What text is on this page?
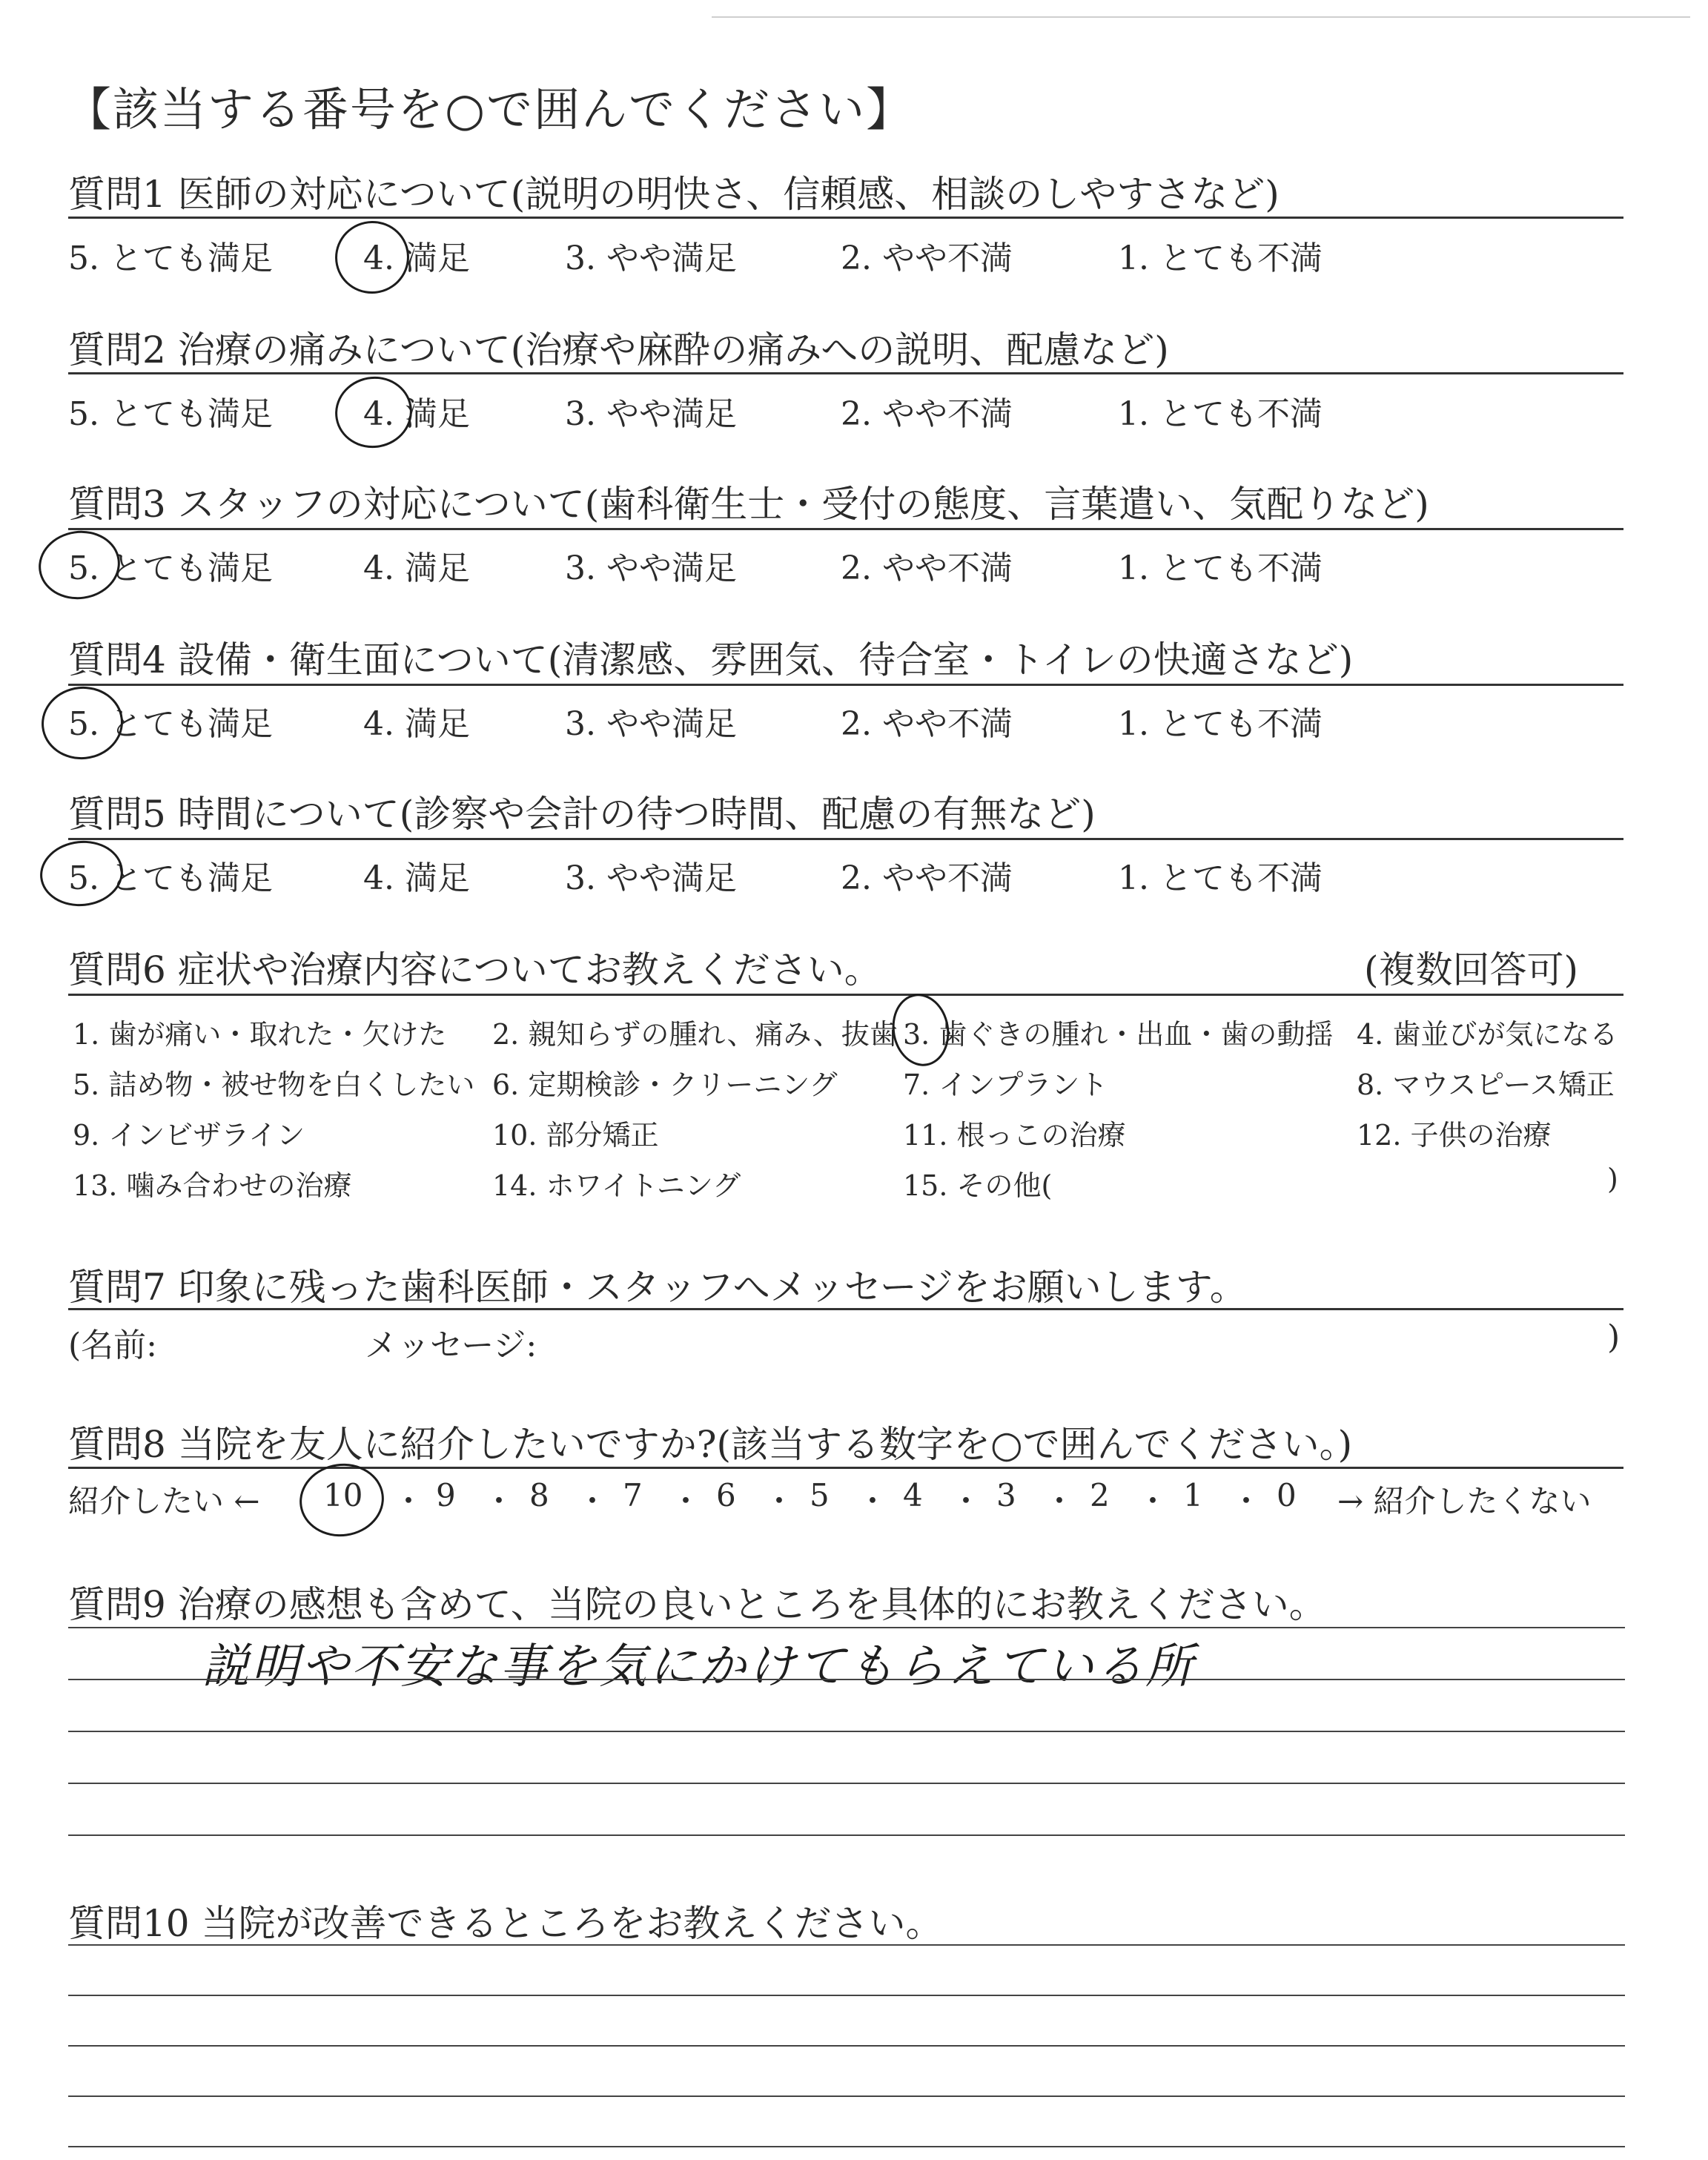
【該当する番号を○で囲んでください】
質問1 医師の対応について(説明の明快さ、信頼感、相談のしやすさなど)
5. とても満足	4. 満足	3. やや満足	2. やや不満	1. とても不満
質問2 治療の痛みについて(治療や麻酔の痛みへの説明、配慮など)
5. とても満足	4. 満足	3. やや満足	2. やや不満	1. とても不満
質問3 スタッフの対応について(歯科衛生士・受付の態度、言葉遣い、気配りなど)
5. とても満足	4. 満足	3. やや満足	2. やや不満	1. とても不満
質問4 設備・衛生面について(清潔感、雰囲気、待合室・トイレの快適さなど)
5. とても満足	4. 満足	3. やや満足	2. やや不満	1. とても不満
質問5 時間について(診察や会計の待つ時間、配慮の有無など)
5. とても満足	4. 満足	3. やや満足	2. やや不満	1. とても不満
質問6 症状や治療内容についてお教えください。	(複数回答可)
1. 歯が痛い・取れた・欠けた 2. 親知らずの腫れ、痛み、抜歯 3. 歯ぐきの腫れ・出血・歯の動揺 4. 歯並びが気になる
5. 詰め物・被せ物を白くしたい 6. 定期検診・クリーニング 7. インプラント	8. マウスピース矯正
9. インビザライン	10. 部分矯正	11. 根っこの治療	12. 子供の治療
13. 噛み合わせの治療	14. ホワイトニング	15. その他(	)
質問7 印象に残った歯科医師・スタッフへメッセージをお願いします。
(名前:	メッセージ:	)
質問8 当院を友人に紹介したいですか?(該当する数字を○で囲んでください。)
紹介したい ← 10 ・ 9 ・ 8 ・ 7 ・ 6 ・ 5 ・ 4 ・ 3 ・ 2 ・ 1 ・ 0 → 紹介したくない
質問9 治療の感想も含めて、当院の良いところを具体的にお教えください。
説明や不安な事を気にかけてもらえている所
質問10 当院が改善できるところをお教えください。
